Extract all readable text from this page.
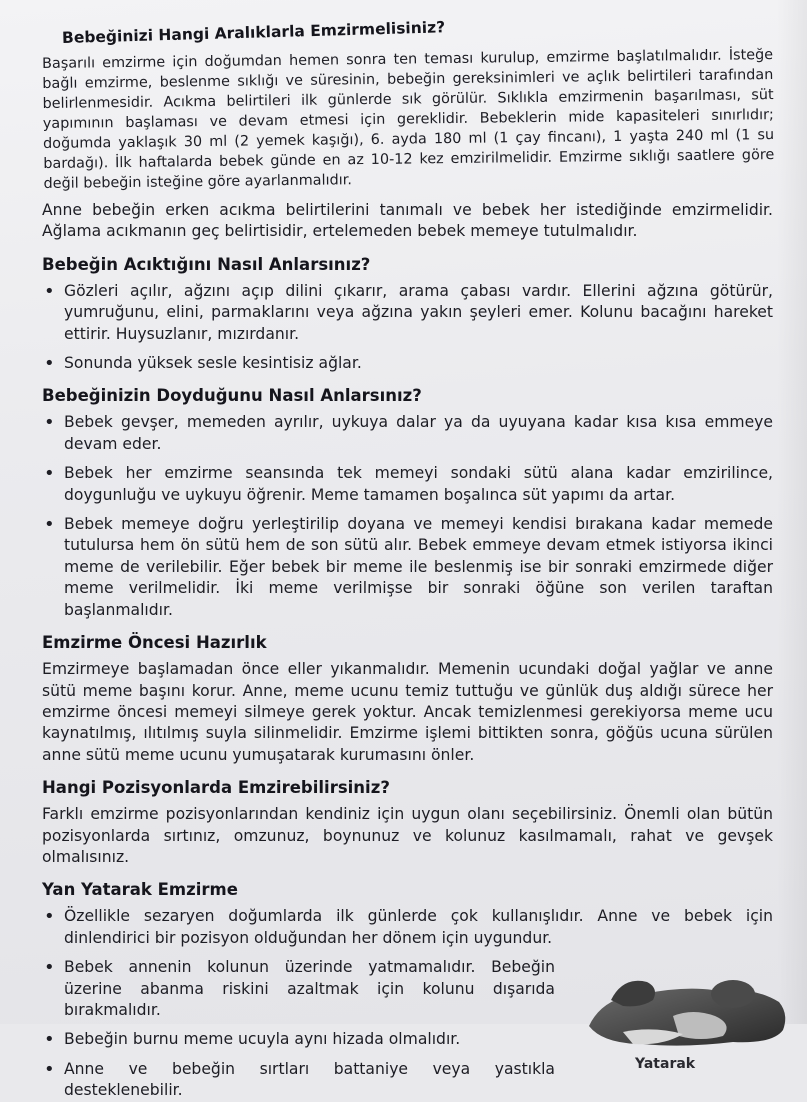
Bebeğinizi Hangi Aralıklarla Emzirmelisiniz?

Başarılı emzirme için doğumdan hemen sonra ten teması kurulup, emzirme başlatılmalıdır. İsteğe bağlı emzirme, beslenme sıklığı ve süresinin, bebeğin gereksinimleri ve açlık belirtileri tarafından belirlenmesidir. Acıkma belirtileri ilk günlerde sık görülür. Sıklıkla emzirmenin başarılması, süt yapımının başlaması ve devam etmesi için gereklidir. Bebeklerin mide kapasiteleri sınırlıdır; doğumda yaklaşık 30 ml (2 yemek kaşığı), 6. ayda 180 ml (1 çay fincanı), 1 yaşta 240 ml (1 su bardağı). İlk haftalarda bebek günde en az 10-12 kez emzirilmelidir. Emzirme sıklığı saatlere göre değil bebeğin isteğine göre ayarlanmalıdır.

Anne bebeğin erken acıkma belirtilerini tanımalı ve bebek her istediğinde emzirmelidir. Ağlama acıkmanın geç belirtisidir, ertelemeden bebek memeye tutulmalıdır.

Bebeğin Acıktığını Nasıl Anlarsınız?
• Gözleri açılır, ağzını açıp dilini çıkarır, arama çabası vardır. Ellerini ağzına götürür, yumruğunu, elini, parmaklarını veya ağzına yakın şeyleri emer. Kolunu bacağını hareket ettirir. Huysuzlanır, mızırdanır.
• Sonunda yüksek sesle kesintisiz ağlar.
Bebeğinizin Doyduğunu Nasıl Anlarsınız?
• Bebek gevşer, memeden ayrılır, uykuya dalar ya da uyuyana kadar kısa kısa emmeye devam eder.
• Bebek her emzirme seansında tek memeyi sondaki sütü alana kadar emzirilince, doygunluğu ve uykuyu öğrenir. Meme tamamen boşalınca süt yapımı da artar.
• Bebek memeye doğru yerleştirilip doyana ve memeyi kendisi bırakana kadar memede tutulursa hem ön sütü hem de son sütü alır. Bebek emmeye devam etmek istiyorsa ikinci meme de verilebilir. Eğer bebek bir meme ile beslenmiş ise bir sonraki emzirmede diğer meme verilmelidir. İki meme verilmişse bir sonraki öğüne son verilen taraftan başlanmalıdır.
Emzirme Öncesi Hazırlık

Emzirmeye başlamadan önce eller yıkanmalıdır. Memenin ucundaki doğal yağlar ve anne sütü meme başını korur. Anne, meme ucunu temiz tuttuğu ve günlük duş aldığı sürece her emzirme öncesi memeyi silmeye gerek yoktur. Ancak temizlenmesi gerekiyorsa meme ucu kaynatılmış, ılıtılmış suyla silinmelidir. Emzirme işlemi bittikten sonra, göğüs ucuna sürülen anne sütü meme ucunu yumuşatarak kurumasını önler.

Hangi Pozisyonlarda Emzirebilirsiniz?

Farklı emzirme pozisyonlarından kendiniz için uygun olanı seçebilirsiniz. Önemli olan bütün pozisyonlarda sırtınız, omzunuz, boynunuz ve kolunuz kasılmamalı, rahat ve gevşek olmalısınız.

Yan Yatarak Emzirme
• Özellikle sezaryen doğumlarda ilk günlerde çok kullanışlıdır. Anne ve bebek için dinlendirici bir pozisyon olduğundan her dönem için uygundur.
• Bebek annenin kolunun üzerinde yatmamalıdır. Bebeğin üzerine abanma riskini azaltmak için kolunu dışarıda bırakmalıdır.
• Bebeğin burnu meme ucuyla aynı hizada olmalıdır.
• Anne ve bebeğin sırtları battaniye veya yastıkla desteklenebilir.
Yatarak
